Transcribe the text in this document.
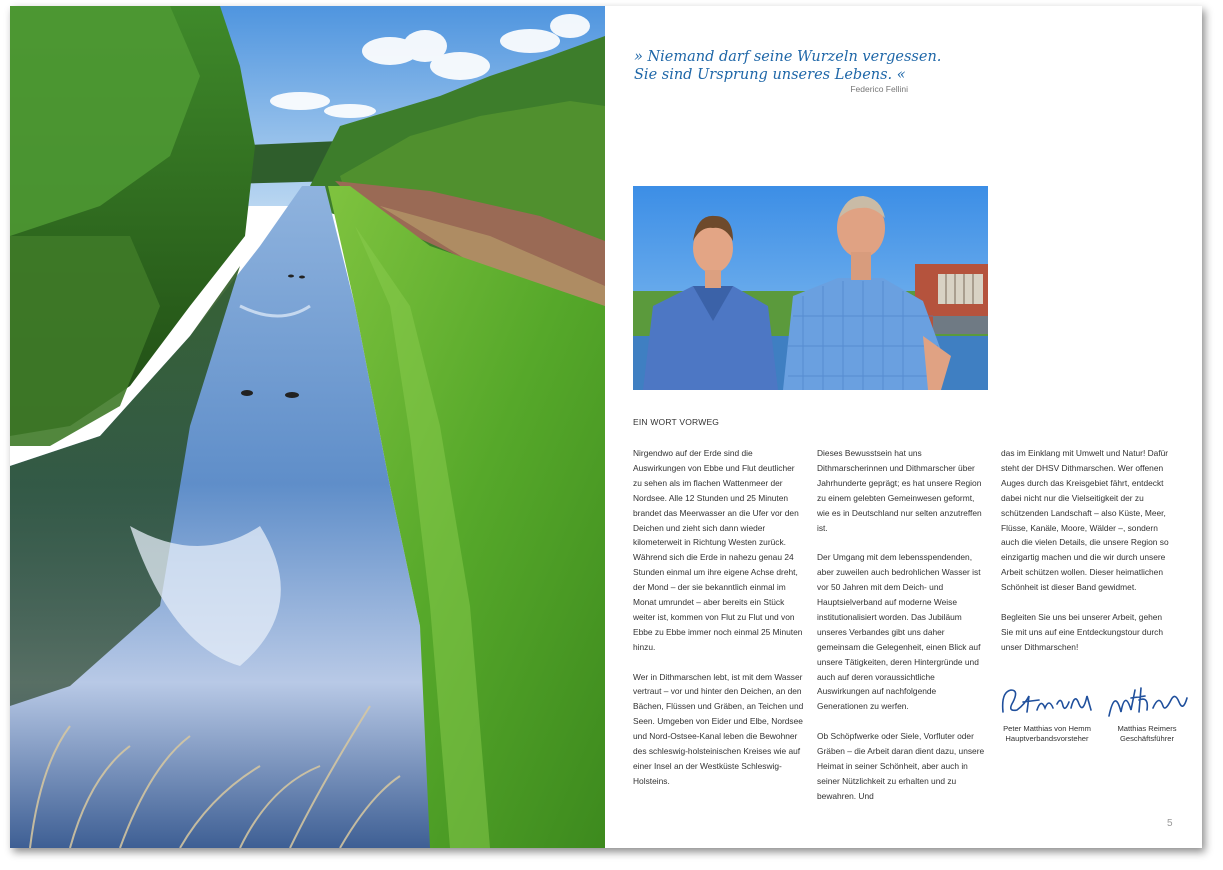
» Niemand darf seine Wurzeln vergessen.
Sie sind Ursprung unseres Lebens. «
Federico Fellini
EIN WORT VORWEG

Nirgendwo auf der Erde sind die Auswirkungen von Ebbe und Flut deutlicher zu sehen als im flachen Wattenmeer der Nordsee. Alle 12 Stunden und 25 Minuten brandet das Meerwasser an die Ufer vor den Deichen und zieht sich dann wieder kilometerweit in Richtung Westen zurück. Während sich die Erde in nahezu genau 24 Stunden einmal um ihre eigene Achse dreht, der Mond – der sie bekanntlich einmal im Monat umrundet – aber bereits ein Stück weiter ist, kommen von Flut zu Flut und von Ebbe zu Ebbe immer noch einmal 25 Minuten hinzu.

Wer in Dithmarschen lebt, ist mit dem Wasser vertraut – vor und hinter den Deichen, an den Bächen, Flüssen und Gräben, an Teichen und Seen. Umgeben von Eider und Elbe, Nordsee und Nord-Ostsee-Kanal leben die Bewohner des schleswig-holsteinischen Kreises wie auf einer Insel an der Westküste Schleswig-Holsteins.

Dieses Bewusstsein hat uns Dithmarscherinnen und Dithmarscher über Jahrhunderte geprägt; es hat unsere Region zu einem gelebten Gemeinwesen geformt, wie es in Deutschland nur selten anzutreffen ist.

Der Umgang mit dem lebensspendenden, aber zuweilen auch bedrohlichen Wasser ist vor 50 Jahren mit dem Deich- und Hauptsielverband auf moderne Weise institutionalisiert worden. Das Jubiläum unseres Verbandes gibt uns daher gemeinsam die Gelegenheit, einen Blick auf unsere Tätigkeiten, deren Hintergründe und auch auf deren voraussichtliche Auswirkungen auf nachfolgende Generationen zu werfen.

Ob Schöpfwerke oder Siele, Vorfluter oder Gräben – die Arbeit daran dient dazu, unsere Heimat in seiner Schönheit, aber auch in seiner Nützlichkeit zu erhalten und zu bewahren. Und

das im Einklang mit Umwelt und Natur! Dafür steht der DHSV Dithmarschen. Wer offenen Auges durch das Kreisgebiet fährt, entdeckt dabei nicht nur die Vielseitigkeit der zu schützenden Landschaft – also Küste, Meer, Flüsse, Kanäle, Moore, Wälder –, sondern auch die vielen Details, die unsere Region so einzigartig machen und die wir durch unsere Arbeit schützen wollen. Dieser heimatlichen Schönheit ist dieser Band gewidmet.

Begleiten Sie uns bei unserer Arbeit, gehen Sie mit uns auf eine Entdeckungstour durch unser Dithmarschen!

Peter Matthias von Hemm
Hauptverbandsvorsteher
Matthias Reimers
Geschäftsführer
5
